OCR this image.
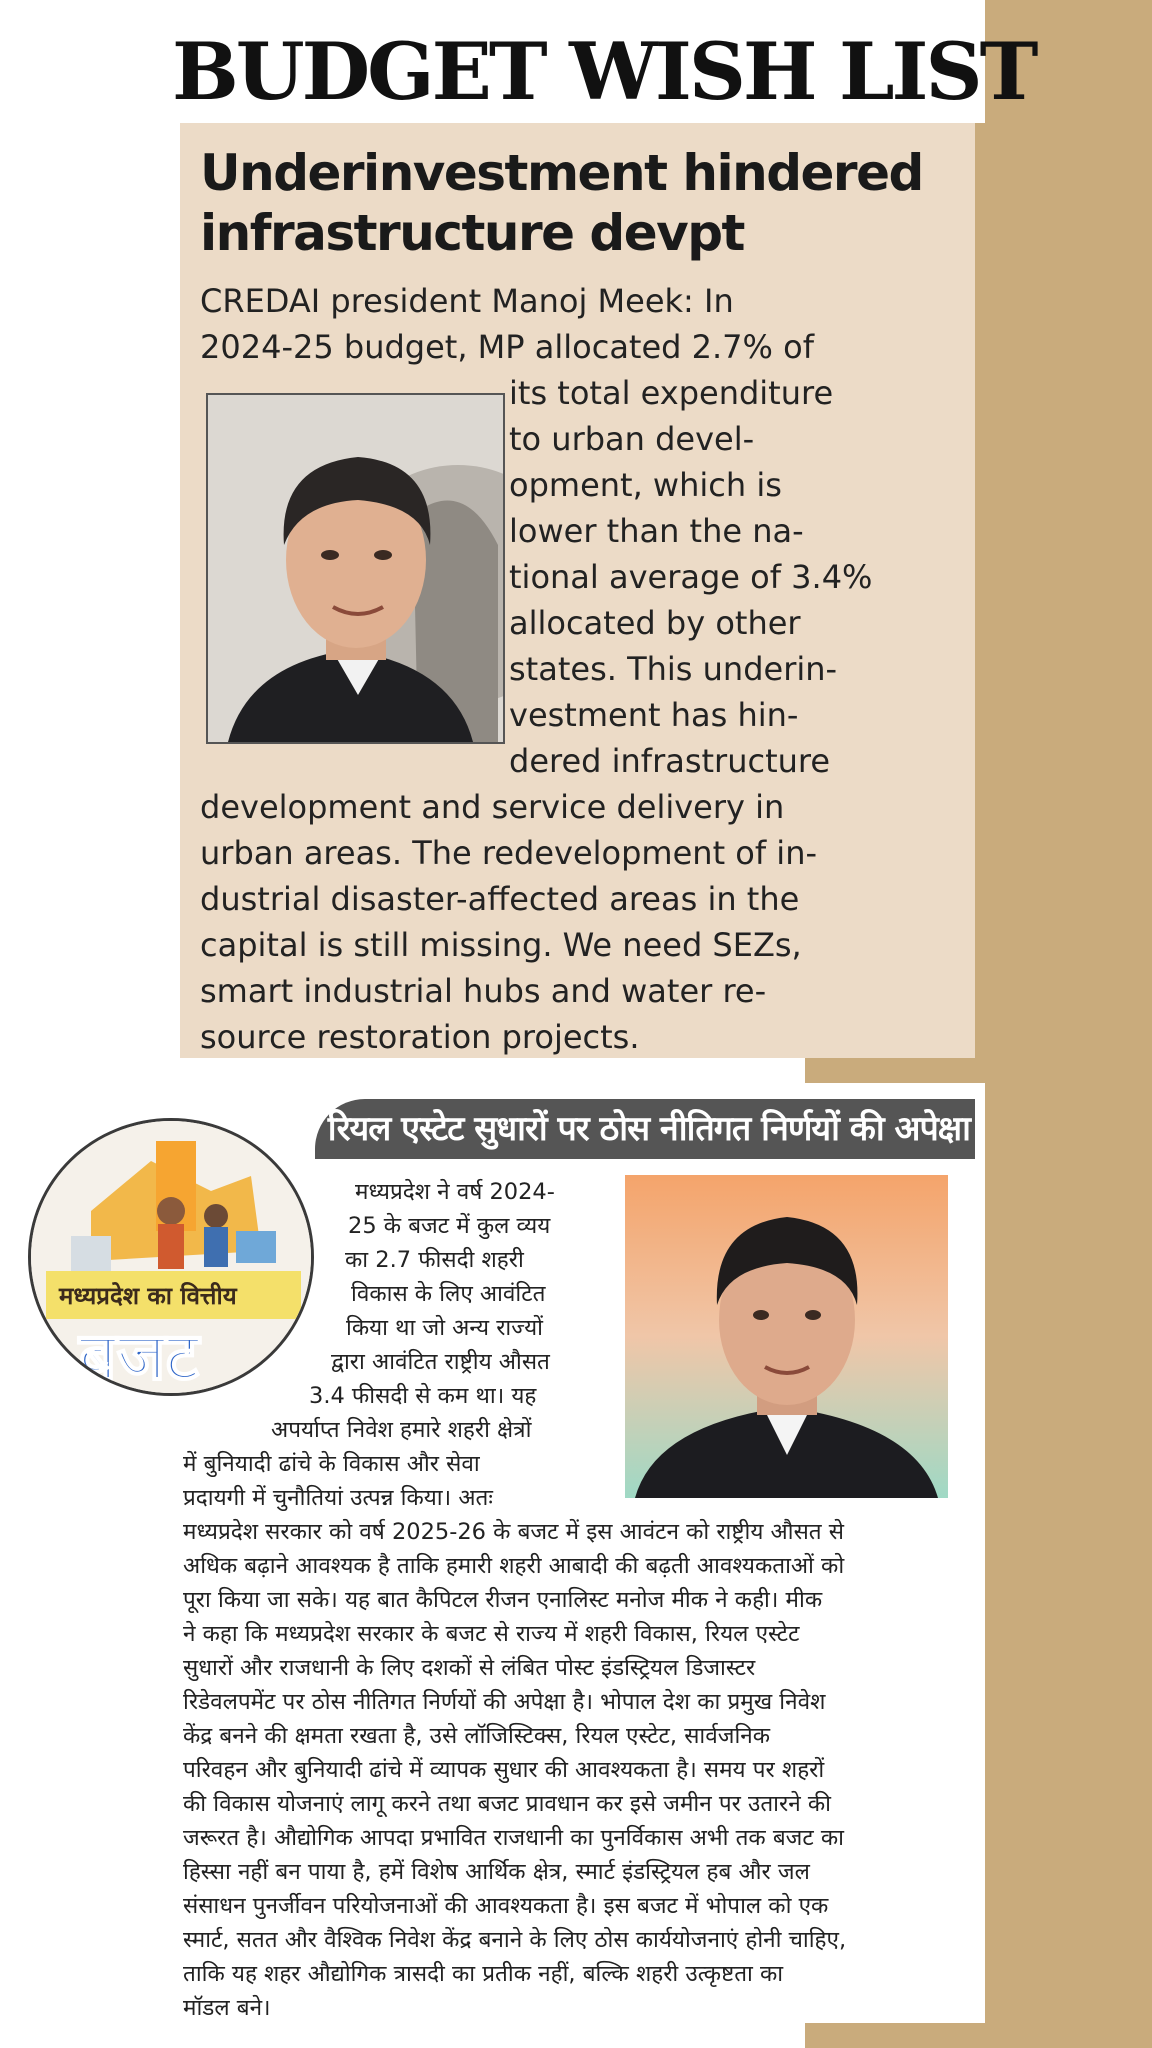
BUDGET WISH LIST
Underinvestment hindered
infrastructure devpt
CREDAI president Manoj Meek: In
2024-25 budget, MP allocated 2.7% of
its total expenditure
to urban devel-
opment, which is
lower than the na-
tional average of 3.4%
allocated by other
states. This underin-
vestment has hin-
dered infrastructure
development and service delivery in
urban areas. The redevelopment of in-
dustrial disaster-affected areas in the
capital is still missing. We need SEZs,
smart industrial hubs and water re-
source restoration projects.
रियल एस्टेट सुधारों पर ठोस नीतिगत निर्णयों की अपेक्षा
मध्यप्रदेश का वित्तीय
बजट
मध्यप्रदेश ने वर्ष 2024-
25 के बजट में कुल व्यय
का 2.7 फीसदी शहरी
विकास के लिए आवंटित
किया था जो अन्य राज्यों
द्वारा आवंटित राष्ट्रीय औसत
3.4 फीसदी से कम था। यह
अपर्याप्त निवेश हमारे शहरी क्षेत्रों
में बुनियादी ढांचे के विकास और सेवा
प्रदायगी में चुनौतियां उत्पन्न किया। अतः
मध्यप्रदेश सरकार को वर्ष 2025-26 के बजट में इस आवंटन को राष्ट्रीय औसत से
अधिक बढ़ाने आवश्यक है ताकि हमारी शहरी आबादी की बढ़ती आवश्यकताओं को
पूरा किया जा सके। यह बात कैपिटल रीजन एनालिस्ट मनोज मीक ने कही। मीक
ने कहा कि मध्यप्रदेश सरकार के बजट से राज्य में शहरी विकास, रियल एस्टेट
सुधारों और राजधानी के लिए दशकों से लंबित पोस्ट इंडस्ट्रियल डिजास्टर
रिडेवलपमेंट पर ठोस नीतिगत निर्णयों की अपेक्षा है। भोपाल देश का प्रमुख निवेश
केंद्र बनने की क्षमता रखता है, उसे लॉजिस्टिक्स, रियल एस्टेट, सार्वजनिक
परिवहन और बुनियादी ढांचे में व्यापक सुधार की आवश्यकता है। समय पर शहरों
की विकास योजनाएं लागू करने तथा बजट प्रावधान कर इसे जमीन पर उतारने की
जरूरत है। औद्योगिक आपदा प्रभावित राजधानी का पुनर्विकास अभी तक बजट का
हिस्सा नहीं बन पाया है, हमें विशेष आर्थिक क्षेत्र, स्मार्ट इंडस्ट्रियल हब और जल
संसाधन पुनर्जीवन परियोजनाओं की आवश्यकता है। इस बजट में भोपाल को एक
स्मार्ट, सतत और वैश्विक निवेश केंद्र बनाने के लिए ठोस कार्ययोजनाएं होनी चाहिए,
ताकि यह शहर औद्योगिक त्रासदी का प्रतीक नहीं, बल्कि शहरी उत्कृष्टता का
मॉडल बने।
